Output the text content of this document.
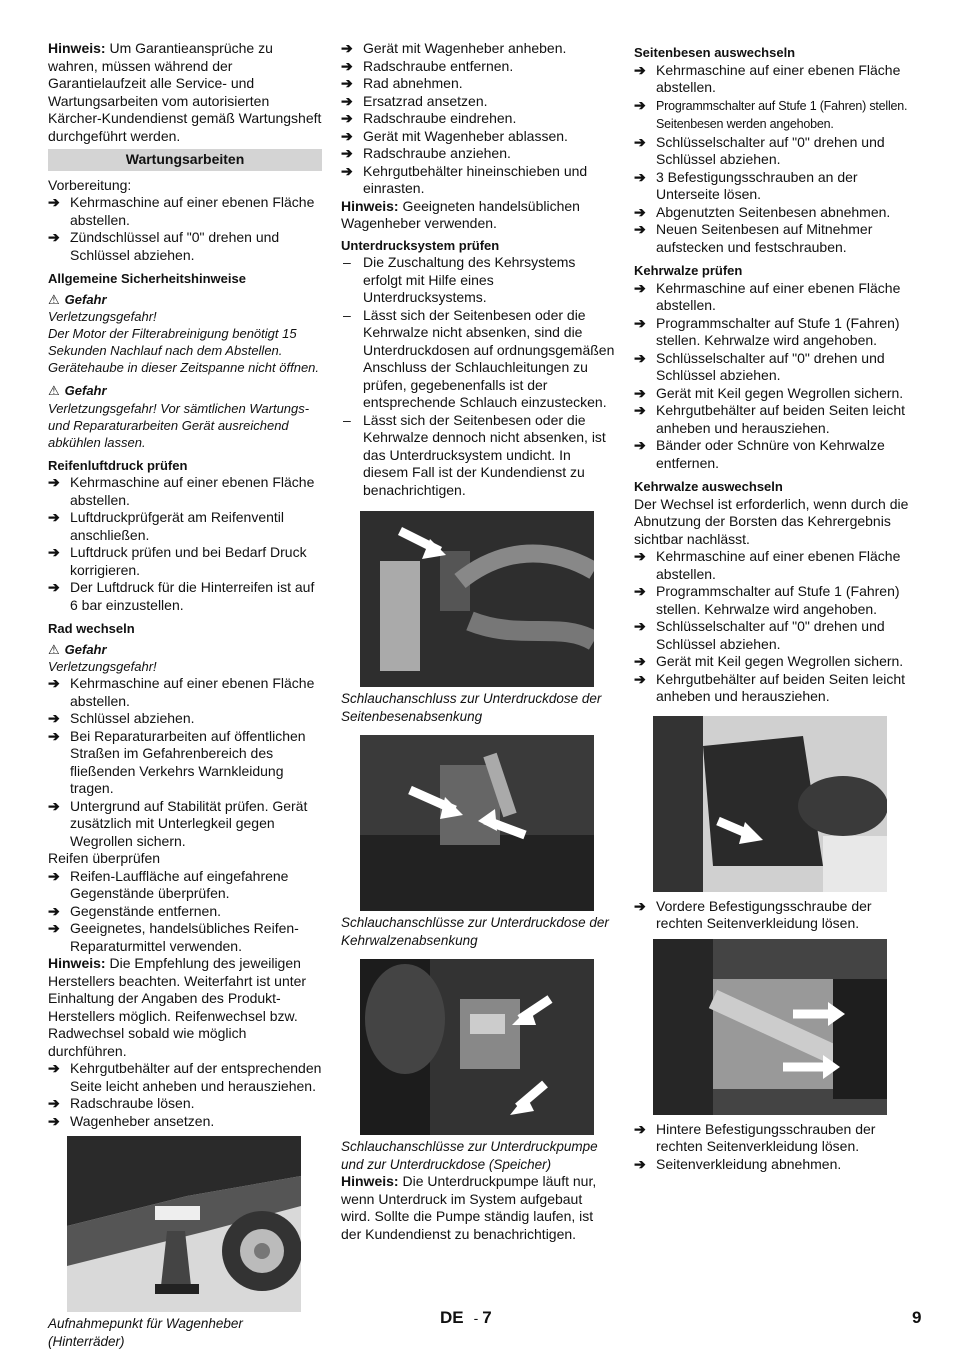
Hinweis: Um Garantieansprüche zu wahren, müssen während der Garantielaufzeit alle Service- und Wartungsarbeiten vom autorisierten Kärcher-Kundendienst gemäß Wartungsheft durchgeführt werden.

Wartungsarbeiten

Vorbereitung:

➔ Kehrmaschine auf einer ebenen Fläche abstellen.
➔ Zündschlüssel auf "0" drehen und Schlüssel abziehen.

Allgemeine Sicherheitshinweise

⚠ Gefahr

Verletzungsgefahr!

Der Motor der Filterabreinigung benötigt 15 Sekunden Nachlauf nach dem Abstellen. Gerätehaube in dieser Zeitspanne nicht öffnen.

⚠ Gefahr

Verletzungsgefahr! Vor sämtlichen Wartungs- und Reparaturarbeiten Gerät ausreichend abkühlen lassen.

Reifenluftdruck prüfen

➔ Kehrmaschine auf einer ebenen Fläche abstellen.
➔ Luftdruckprüfgerät am Reifenventil anschließen.
➔ Luftdruck prüfen und bei Bedarf Druck korrigieren.
➔ Der Luftdruck für die Hinterreifen ist auf 6 bar einzustellen.

Rad wechseln

⚠ Gefahr

Verletzungsgefahr!

➔ Kehrmaschine auf einer ebenen Fläche abstellen.
➔ Schlüssel abziehen.
➔ Bei Reparaturarbeiten auf öffentlichen Straßen im Gefahrenbereich des fließenden Verkehrs Warnkleidung tragen.
➔ Untergrund auf Stabilität prüfen. Gerät zusätzlich mit Unterlegkeil gegen Wegrollen sichern.

Reifen überprüfen

➔ Reifen-Lauffläche auf eingefahrene Gegenstände überprüfen.
➔ Gegenstände entfernen.
➔ Geeignetes, handelsübliches Reifen-Reparaturmittel verwenden.

Hinweis: Die Empfehlung des jeweiligen Herstellers beachten. Weiterfahrt ist unter Einhaltung der Angaben des Produkt-Herstellers möglich. Reifenwechsel bzw. Radwechsel sobald wie möglich durchführen.

➔ Kehrgutbehälter auf der entsprechenden Seite leicht anheben und herausziehen.
➔ Radschraube lösen.
➔ Wagenheber ansetzen.

Aufnahmepunkt für Wagenheber (Hinterräder)

➔ Gerät mit Wagenheber anheben.
➔ Radschraube entfernen.
➔ Rad abnehmen.
➔ Ersatzrad ansetzen.
➔ Radschraube eindrehen.
➔ Gerät mit Wagenheber ablassen.
➔ Radschraube anziehen.
➔ Kehrgutbehälter hineinschieben und einrasten.

Hinweis: Geeigneten handelsüblichen Wagenheber verwenden.

Unterdrucksystem prüfen

– Die Zuschaltung des Kehrsystems erfolgt mit Hilfe eines Unterdrucksystems.
– Lässt sich der Seitenbesen oder die Kehrwalze nicht absenken, sind die Unterdruckdosen auf ordnungsgemäßen Anschluss der Schlauchleitungen zu prüfen, gegebenenfalls ist der entsprechende Schlauch einzustecken.
– Lässt sich der Seitenbesen oder die Kehrwalze dennoch nicht absenken, ist das Unterdrucksystem undicht. In diesem Fall ist der Kundendienst zu benachrichtigen.

Schlauchanschluss zur Unterdruckdose der Seitenbesenabsenkung

Schlauchanschlüsse zur Unterdruckdose der Kehrwalzenabsenkung

Schlauchanschlüsse zur Unterdruckpumpe und zur Unterdruckdose (Speicher)

Hinweis: Die Unterdruckpumpe läuft nur, wenn Unterdruck im System aufgebaut wird. Sollte die Pumpe ständig laufen, ist der Kundendienst zu benachrichtigen.

Seitenbesen auswechseln

➔ Kehrmaschine auf einer ebenen Fläche abstellen.
➔ Programmschalter auf Stufe 1 (Fahren) stellen. Seitenbesen werden angehoben.
➔ Schlüsselschalter auf "0" drehen und Schlüssel abziehen.
➔ 3 Befestigungsschrauben an der Unterseite lösen.
➔ Abgenutzten Seitenbesen abnehmen.
➔ Neuen Seitenbesen auf Mitnehmer aufstecken und festschrauben.

Kehrwalze prüfen

➔ Kehrmaschine auf einer ebenen Fläche abstellen.
➔ Programmschalter auf Stufe 1 (Fahren) stellen. Kehrwalze wird angehoben.
➔ Schlüsselschalter auf "0" drehen und Schlüssel abziehen.
➔ Gerät mit Keil gegen Wegrollen sichern.
➔ Kehrgutbehälter auf beiden Seiten leicht anheben und herausziehen.
➔ Bänder oder Schnüre von Kehrwalze entfernen.

Kehrwalze auswechseln

Der Wechsel ist erforderlich, wenn durch die Abnutzung der Borsten das Kehrergebnis sichtbar nachlässt.

➔ Kehrmaschine auf einer ebenen Fläche abstellen.
➔ Programmschalter auf Stufe 1 (Fahren) stellen. Kehrwalze wird angehoben.
➔ Schlüsselschalter auf "0" drehen und Schlüssel abziehen.
➔ Gerät mit Keil gegen Wegrollen sichern.
➔ Kehrgutbehälter auf beiden Seiten leicht anheben und herausziehen.
➔ Vordere Befestigungsschraube der rechten Seitenverkleidung lösen.
➔ Hintere Befestigungsschrauben der rechten Seitenverkleidung lösen.
➔ Seitenverkleidung abnehmen.
DE - 7	9
